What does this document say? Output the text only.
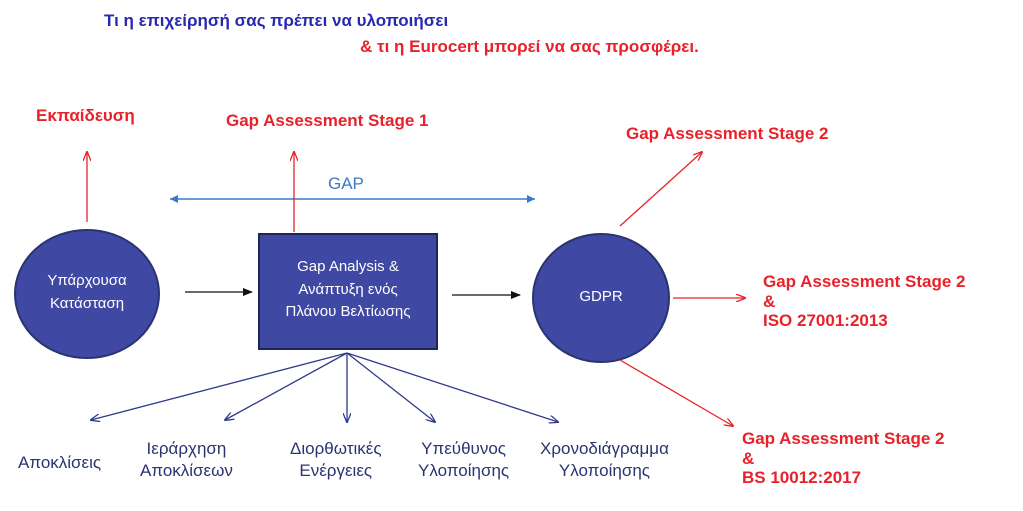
Τι η επιχείρησή σας πρέπει να υλοποιήσει
& τι η Eurocert μπορεί να σας προσφέρει.
Υπάρχουσα
Κατάσταση
Gap Analysis &
Ανάπτυξη ενός
Πλάνου Βελτίωσης
GDPR
GAP
Εκπαίδευση	Gap Assessment Stage 1
Gap Assessment Stage 2
Gap Assessment Stage 2
&
ISO 27001:2013
Gap Assessment Stage 2
&
BS 10012:2017
Αποκλίσεις
Ιεράρχηση
Αποκλίσεων
Διορθωτικές
Ενέργειες
Υπεύθυνος
Υλοποίησης
Χρονοδιάγραμμα
Υλοποίησης
